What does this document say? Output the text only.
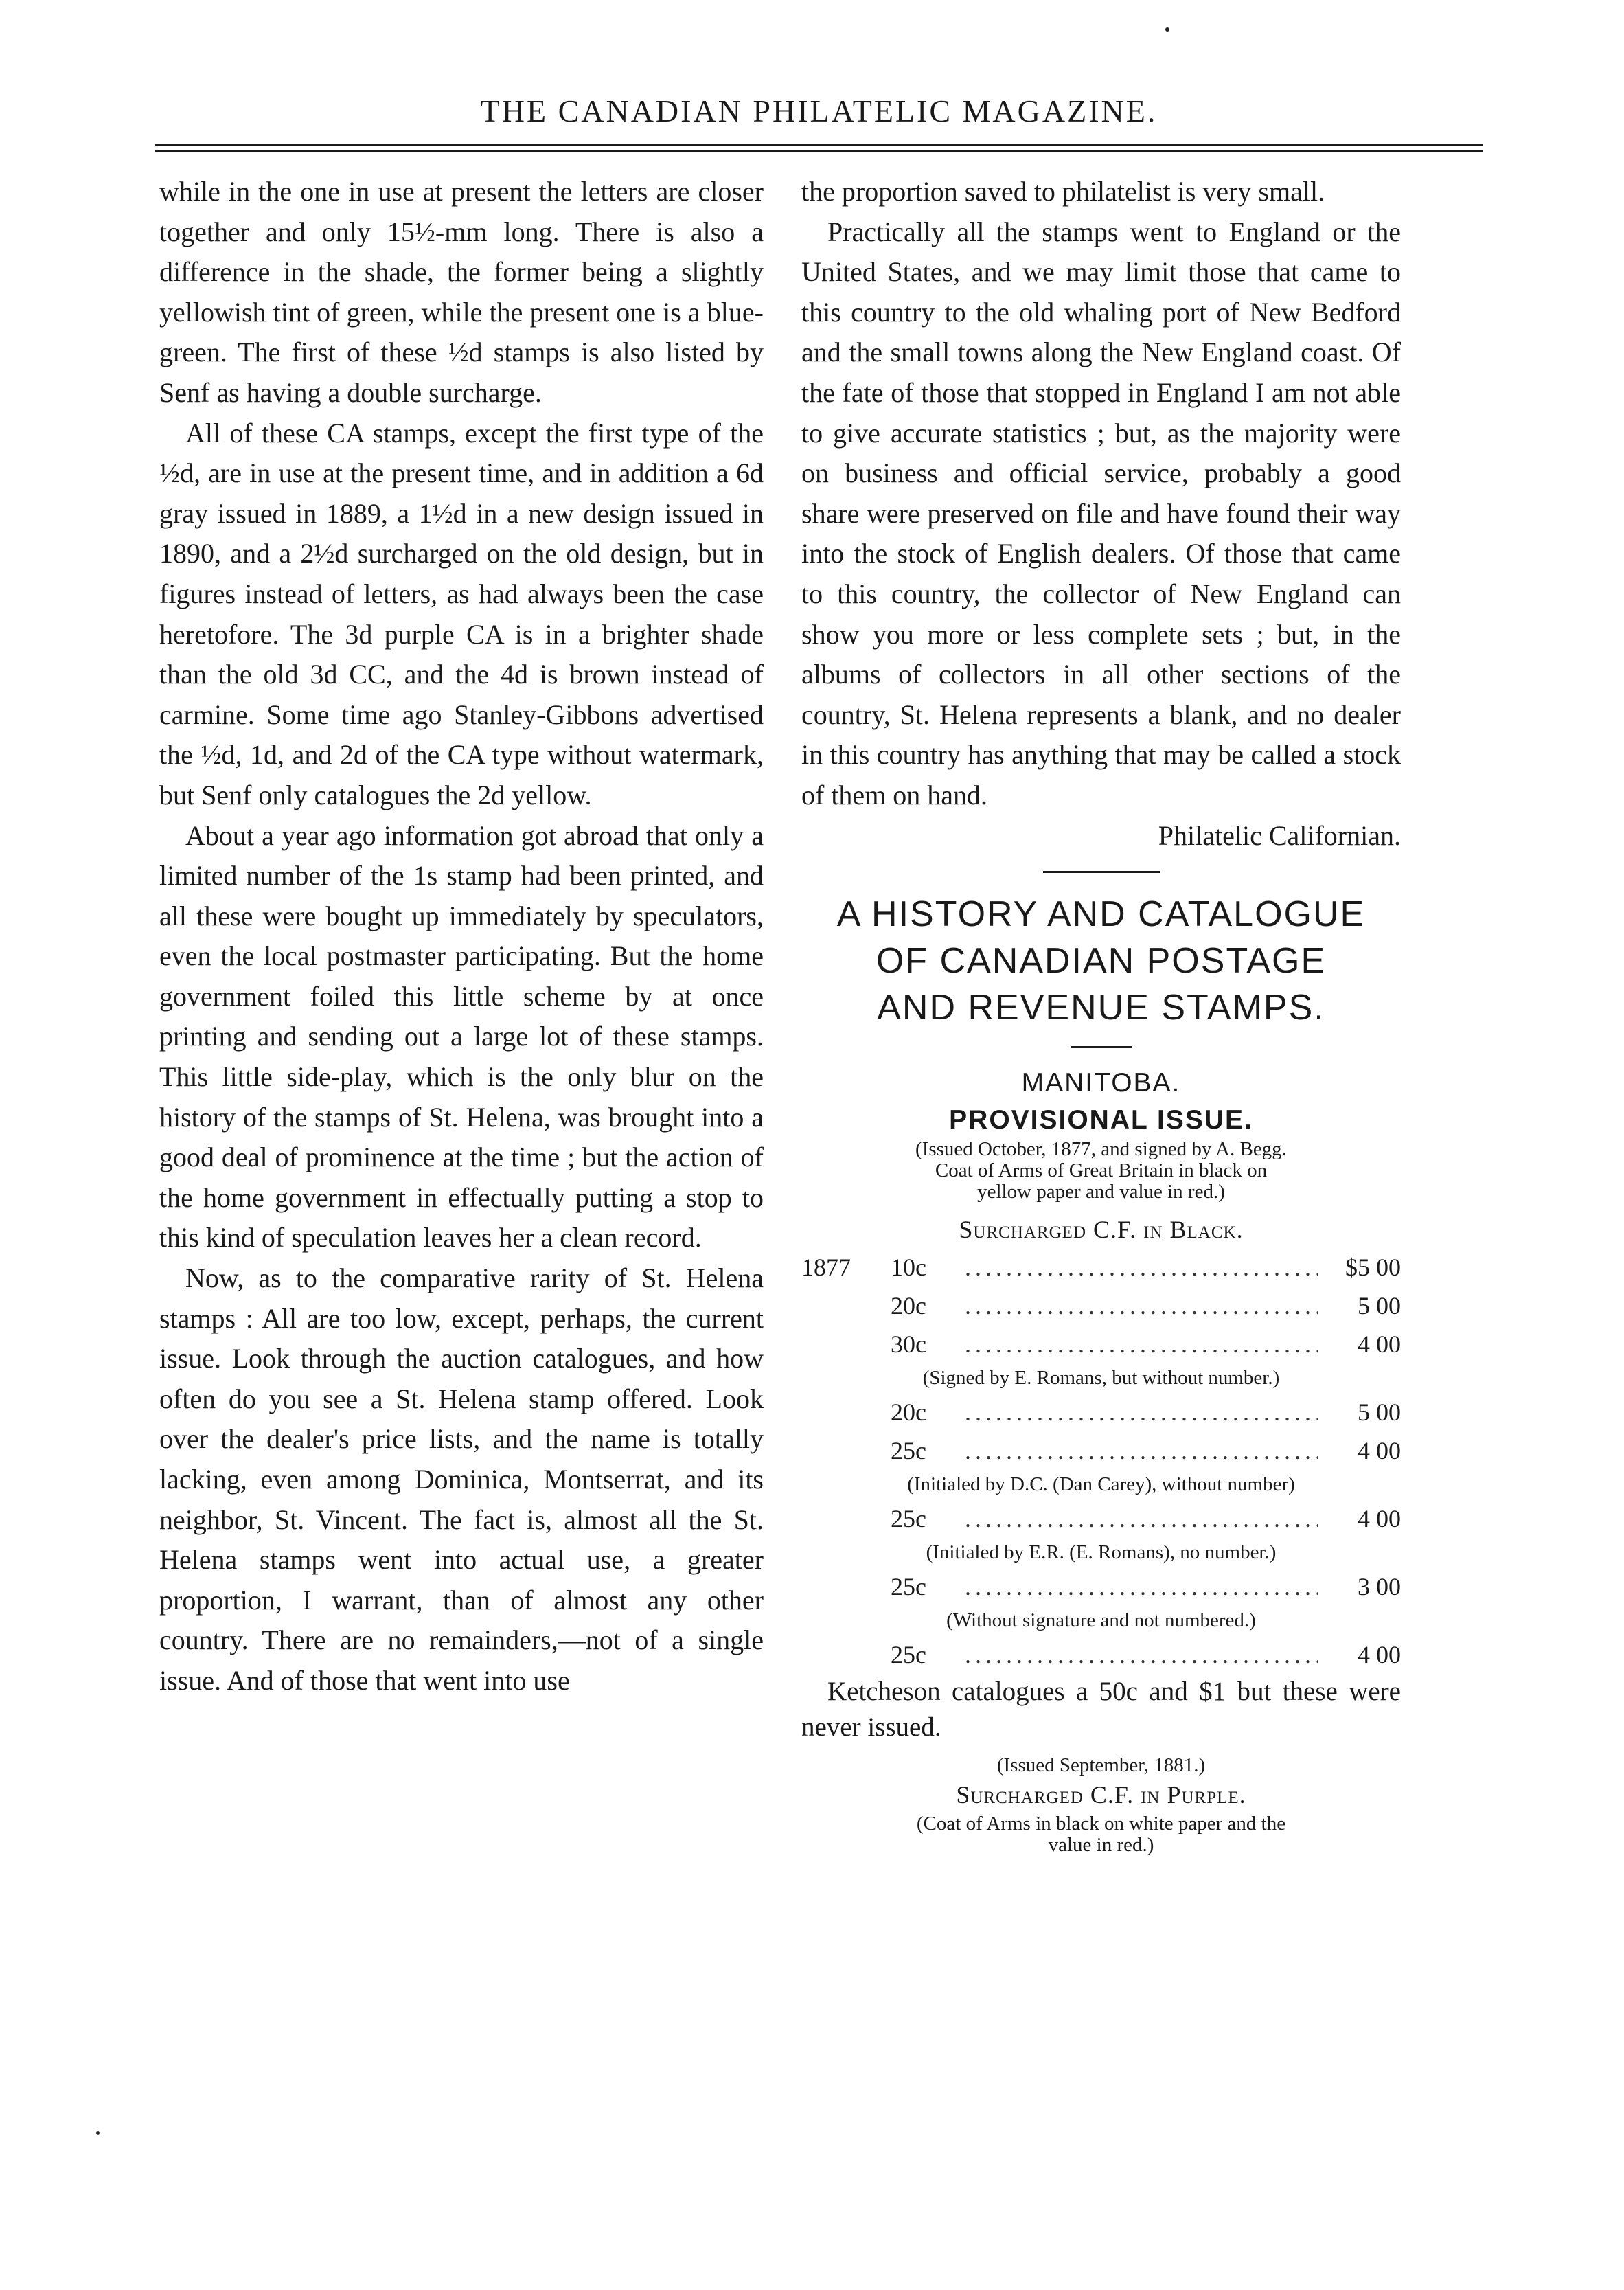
THE CANADIAN PHILATELIC MAGAZINE.

while in the one in use at present the letters are closer together and only 15½-mm long. There is also a difference in the shade, the former being a slightly yellowish tint of green, while the present one is a blue-green. The first of these ½d stamps is also listed by Senf as having a double surcharge.

All of these CA stamps, except the first type of the ½d, are in use at the present time, and in addition a 6d gray issued in 1889, a 1½d in a new design issued in 1890, and a 2½d surcharged on the old design, but in figures instead of letters, as had always been the case heretofore. The 3d purple CA is in a brighter shade than the old 3d CC, and the 4d is brown instead of carmine. Some time ago Stanley-Gibbons advertised the ½d, 1d, and 2d of the CA type without watermark, but Senf only catalogues the 2d yellow.

About a year ago information got abroad that only a limited number of the 1s stamp had been printed, and all these were bought up immediately by speculators, even the local postmaster participating. But the home government foiled this little scheme by at once printing and sending out a large lot of these stamps. This little side-play, which is the only blur on the history of the stamps of St. Helena, was brought into a good deal of prominence at the time ; but the action of the home government in effectually putting a stop to this kind of speculation leaves her a clean record.

Now, as to the comparative rarity of St. Helena stamps : All are too low, except, perhaps, the current issue. Look through the auction catalogues, and how often do you see a St. Helena stamp offered. Look over the dealer's price lists, and the name is totally lacking, even among Dominica, Montserrat, and its neighbor, St. Vincent. The fact is, almost all the St. Helena stamps went into actual use, a greater proportion, I warrant, than of almost any other country. There are no remainders,—not of a single issue. And of those that went into use

the proportion saved to philatelist is very small.

Practically all the stamps went to England or the United States, and we may limit those that came to this country to the old whaling port of New Bedford and the small towns along the New England coast. Of the fate of those that stopped in England I am not able to give accurate statistics ; but, as the majority were on business and official service, probably a good share were preserved on file and have found their way into the stock of English dealers. Of those that came to this country, the collector of New England can show you more or less complete sets ; but, in the albums of collectors in all other sections of the country, St. Helena represents a blank, and no dealer in this country has anything that may be called a stock of them on hand.

Philatelic Californian.

A HISTORY AND CATALOGUE

OF CANADIAN POSTAGE

AND REVENUE STAMPS.

MANITOBA.

PROVISIONAL ISSUE.

(Issued October, 1877, and signed by A. Begg.

Coat of Arms of Great Britain in black on

yellow paper and value in red.)

Surcharged C.F. in Black.

1877	10c .....	$5 00
20c .....	5 00
30c .....	4 00

(Signed by E. Romans, but without number.)

20c .....	5 00
25c .....	4 00

(Initialed by D.C. (Dan Carey), without number)

25c .....	4 00

(Initialed by E.R. (E. Romans), no number.)

25c .....	3 00

(Without signature and not numbered.)

25c .....	4 00

Ketcheson catalogues a 50c and $1 but these were never issued.

(Issued September, 1881.)

Surcharged C.F. in Purple.

(Coat of Arms in black on white paper and the

value in red.)
